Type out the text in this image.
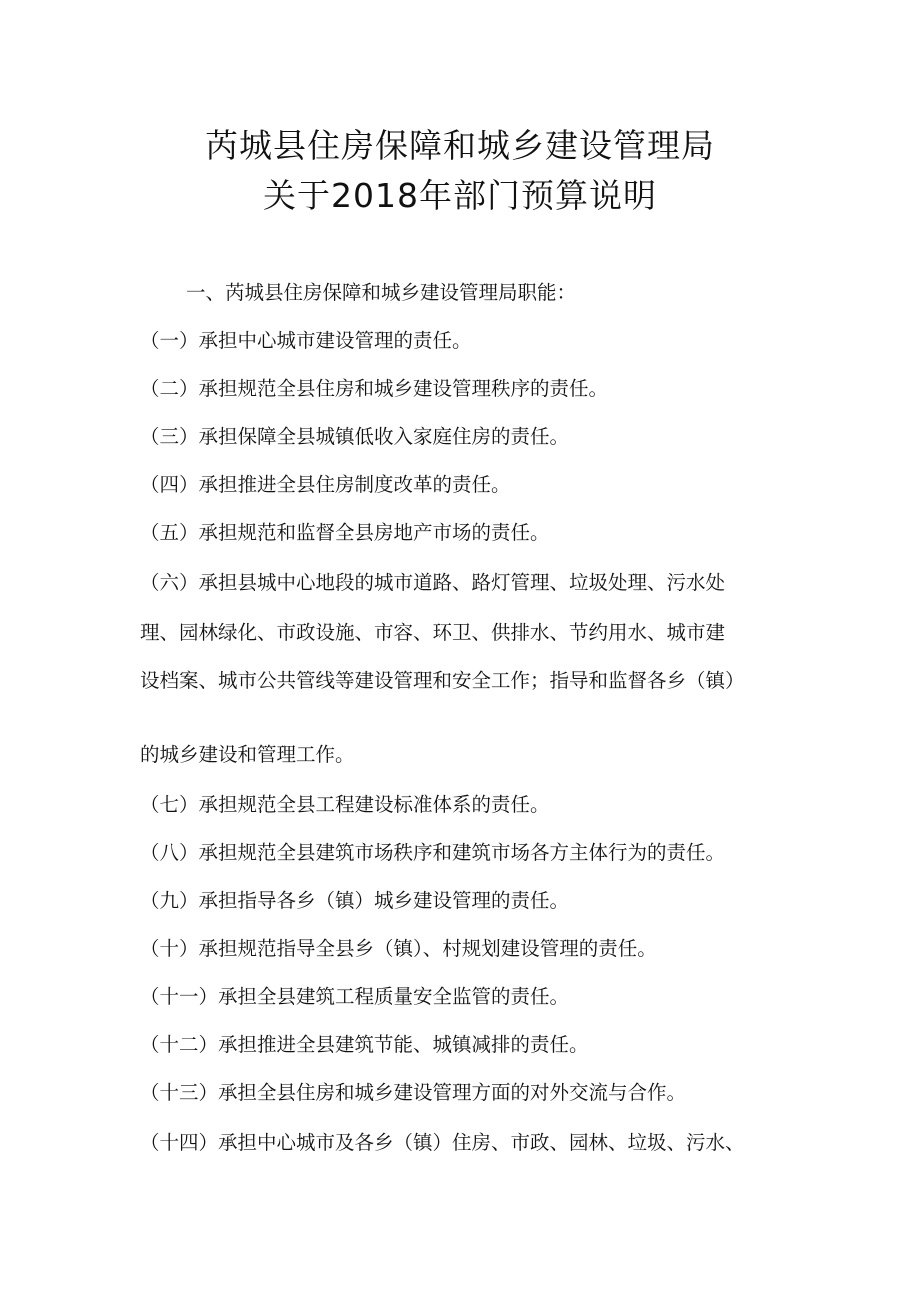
芮城县住房保障和城乡建设管理局
关于2018年部门预算说明
一、芮城县住房保障和城乡建设管理局职能：
（一）承担中心城市建设管理的责任。
（二）承担规范全县住房和城乡建设管理秩序的责任。
（三）承担保障全县城镇低收入家庭住房的责任。
（四）承担推进全县住房制度改革的责任。
（五）承担规范和监督全县房地产市场的责任。
（六）承担县城中心地段的城市道路、路灯管理、垃圾处理、污水处
理、园林绿化、市政设施、市容、环卫、供排水、节约用水、城市建
设档案、城市公共管线等建设管理和安全工作；指导和监督各乡（镇）
的城乡建设和管理工作。
（七）承担规范全县工程建设标准体系的责任。
（八）承担规范全县建筑市场秩序和建筑市场各方主体行为的责任。
（九）承担指导各乡（镇）城乡建设管理的责任。
（十）承担规范指导全县乡（镇）、村规划建设管理的责任。
（十一）承担全县建筑工程质量安全监管的责任。
（十二）承担推进全县建筑节能、城镇减排的责任。
（十三）承担全县住房和城乡建设管理方面的对外交流与合作。
（十四）承担中心城市及各乡（镇）住房、市政、园林、垃圾、污水、
